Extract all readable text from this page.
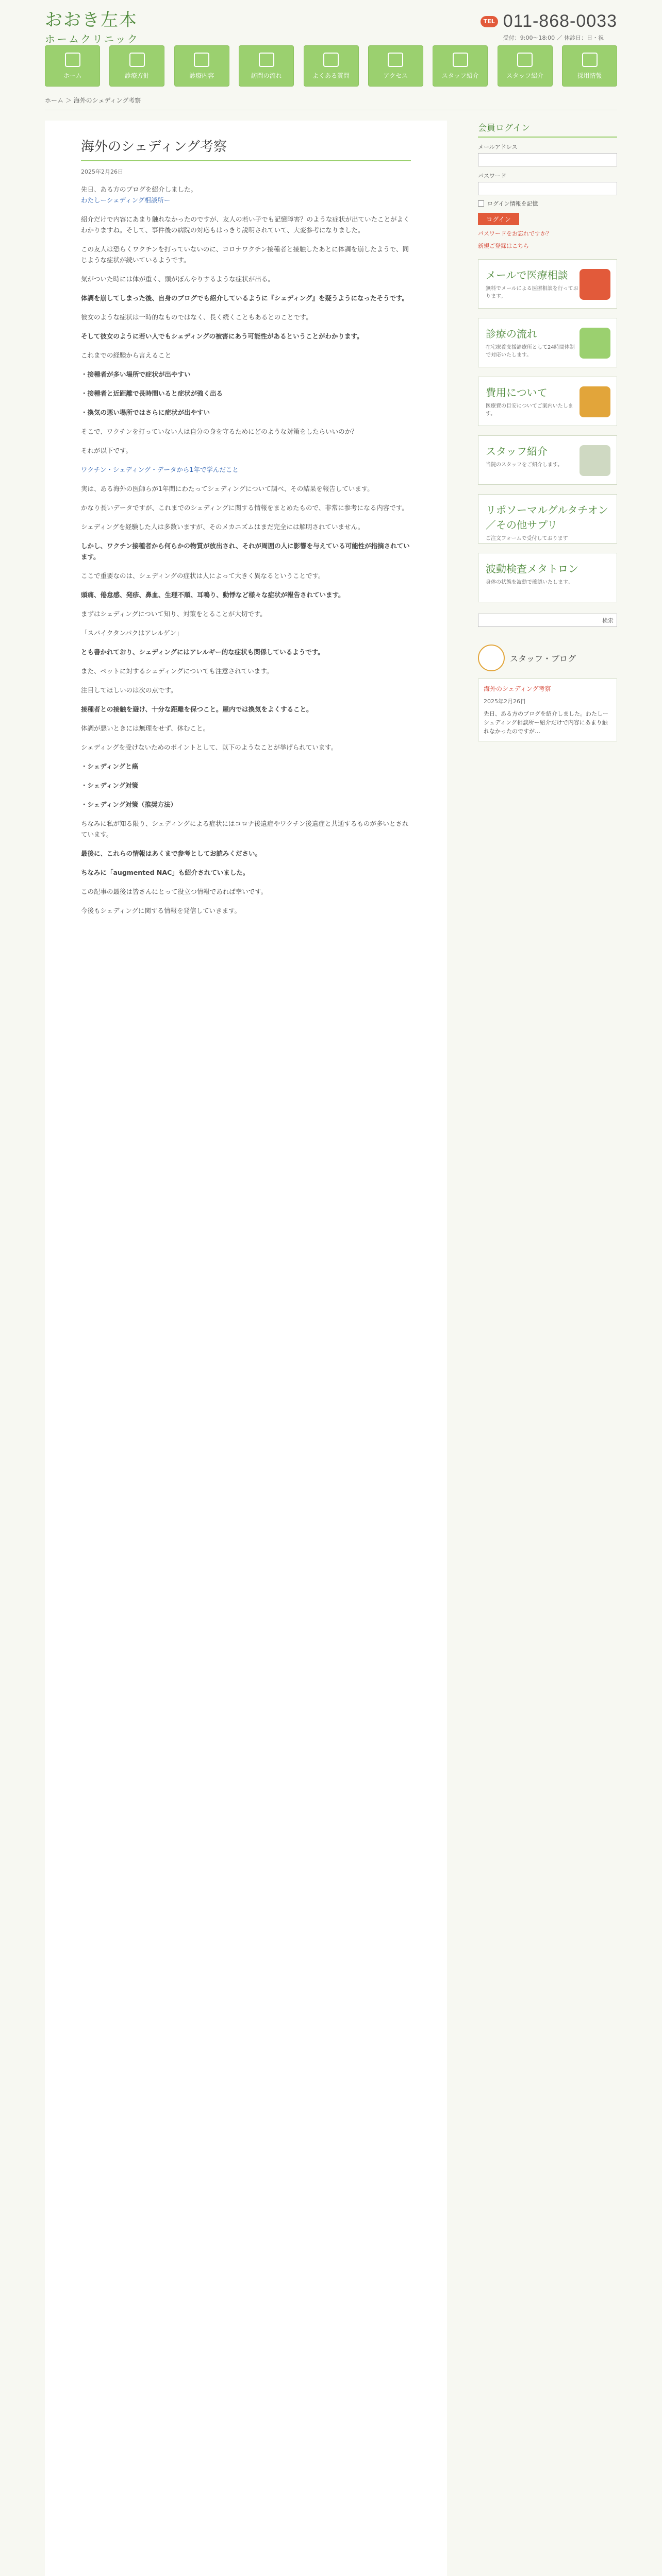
おおき左本
ホームクリニック
TEL 011-868-0033
受付：9:00～18:00 ／ 休診日：日・祝
ホーム	診療方針	診療内容	訪問の流れ	よくある質問	アクセス	スタッフ紹介	スタッフ紹介	採用情報
ホーム ＞ 海外のシェディング考察
海外のシェディング考察
2025年2月26日

先日、ある方のブログを紹介しました。
わたしーシェディング相談所ー

紹介だけで内容にあまり触れなかったのですが、友人の若い子でも記憶障害？のような症状が出ていたことがよくわかりますね。そして、事件後の病院の対応もはっきり説明されていて、大変参考になりました。

この友人は恐らくワクチンを打っていないのに、コロナワクチン接種者と接触したあとに体調を崩したようで、同じような症状が続いているようです。

気がついた時には体が重く、頭がぼんやりするような症状が出る。

体調を崩してしまった後、自身のブログでも紹介しているように『シェディング』を疑うようになったそうです。

彼女のような症状は一時的なものではなく、長く続くこともあるとのことです。

そして彼女のように若い人でもシェディングの被害にあう可能性があるということがわかります。

これまでの経験から言えること

・接種者が多い場所で症状が出やすい

・接種者と近距離で長時間いると症状が強く出る

・換気の悪い場所ではさらに症状が出やすい

そこで、ワクチンを打っていない人は自分の身を守るためにどのような対策をしたらいいのか？

それが以下です。

ワクチン・シェディング・データから1年で学んだこと

実は、ある海外の医師らが1年間にわたってシェディングについて調べ、その結果を報告しています。

かなり長いデータですが、これまでのシェディングに関する情報をまとめたもので、非常に参考になる内容です。

シェディングを経験した人は多数いますが、そのメカニズムはまだ完全には解明されていません。

しかし、ワクチン接種者から何らかの物質が放出され、それが周囲の人に影響を与えている可能性が指摘されています。

ここで重要なのは、シェディングの症状は人によって大きく異なるということです。

頭痛、倦怠感、発疹、鼻血、生理不順、耳鳴り、動悸など様々な症状が報告されています。

まずはシェディングについて知り、対策をとることが大切です。

「スパイクタンパクはアレルゲン」

とも書かれており、シェディングにはアレルギー的な症状も関係しているようです。

また、ペットに対するシェディングについても注意されています。

注目してほしいのは次の点です。

接種者との接触を避け、十分な距離を保つこと。屋内では換気をよくすること。

体調が悪いときには無理をせず、休むこと。

シェディングを受けないためのポイントとして、以下のようなことが挙げられています。

・シェディングと癌

・シェディング対策

・シェディング対策（推奨方法）

ちなみに私が知る限り、シェディングによる症状にはコロナ後遺症やワクチン後遺症と共通するものが多いとされています。

最後に、これらの情報はあくまで参考としてお読みください。

ちなみに「augmented NAC」も紹介されていました。

この記事の最後は皆さんにとって役立つ情報であれば幸いです。

今後もシェディングに関する情報を発信していきます。

会員ログイン
メールアドレス
パスワード
ログイン情報を記憶
ログイン
パスワードをお忘れですか？
新規ご登録はこちら
メールで医療相談
無料でメールによる医療相談を行っております。
診療の流れ
在宅療養支援診療所として24時間体制で対応いたします。
費用について
医療費の目安についてご案内いたします。
スタッフ紹介
当院のスタッフをご紹介します。
リポソーマルグルタチオン／その他サプリ
ご注文フォームで受付しております
波動検査メタトロン
身体の状態を波動で確認いたします。
検索
スタッフ・ブログ
海外のシェディング考察
2025年2月26日
先日、ある方のブログを紹介しました。わたしーシェディング相談所ー紹介だけで内容にあまり触れなかったのですが…
